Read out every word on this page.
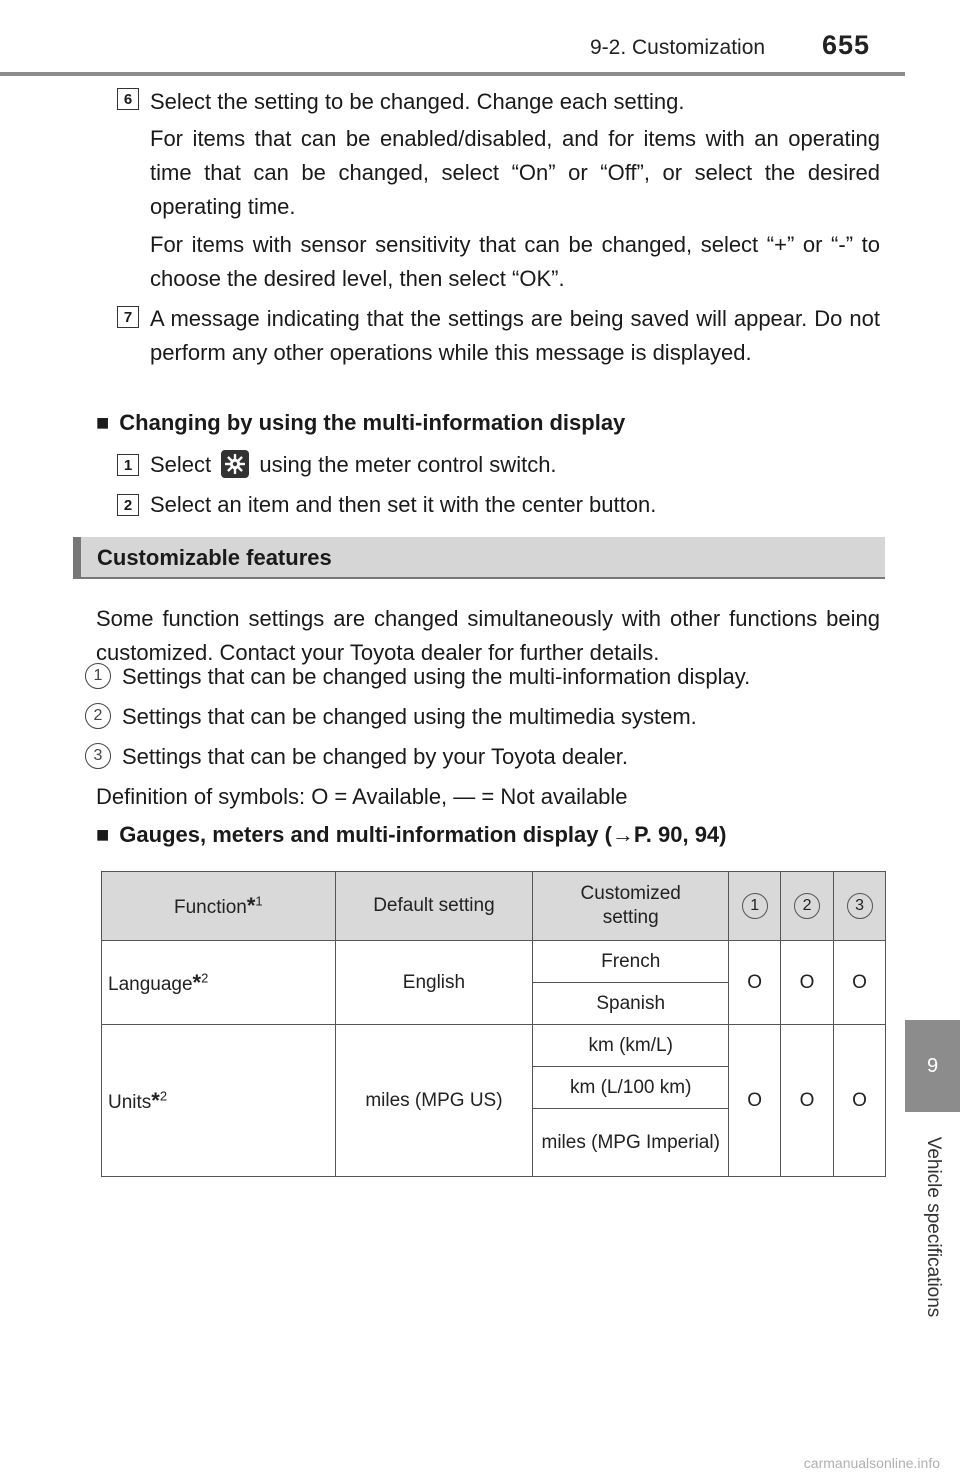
9-2. Customization 655
9
Vehicle specifications
6 Select the setting to be changed. Change each setting.
For items that can be enabled/disabled, and for items with an operating time that can be changed, select “On” or “Off”, or select the desired operating time.
For items with sensor sensitivity that can be changed, select “+” or “-” to choose the desired level, then select “OK”.
7 A message indicating that the settings are being saved will appear. Do not perform any other operations while this message is displayed.
■ Changing by using the multi-information display
1 Select using the meter control switch.
2 Select an item and then set it with the center button.
Customizable features
Some function settings are changed simultaneously with other functions being customized. Contact your Toyota dealer for further details.
1 Settings that can be changed using the multi-information display.
2 Settings that can be changed using the multimedia system.
3 Settings that can be changed by your Toyota dealer.
Definition of symbols: O = Available, — = Not available
■ Gauges, meters and multi-information display (→P. 90, 94)
Function*$^1$	Default setting	Customized setting	1	2	3
Language*$^2$	English	French	O	O	O
		Spanish			
Units*$^2$	miles (MPG US)	km (km/L)	O	O	O
		km (L/100 km)			

		miles (MPG Imperial)			
carmanualsonline.info
